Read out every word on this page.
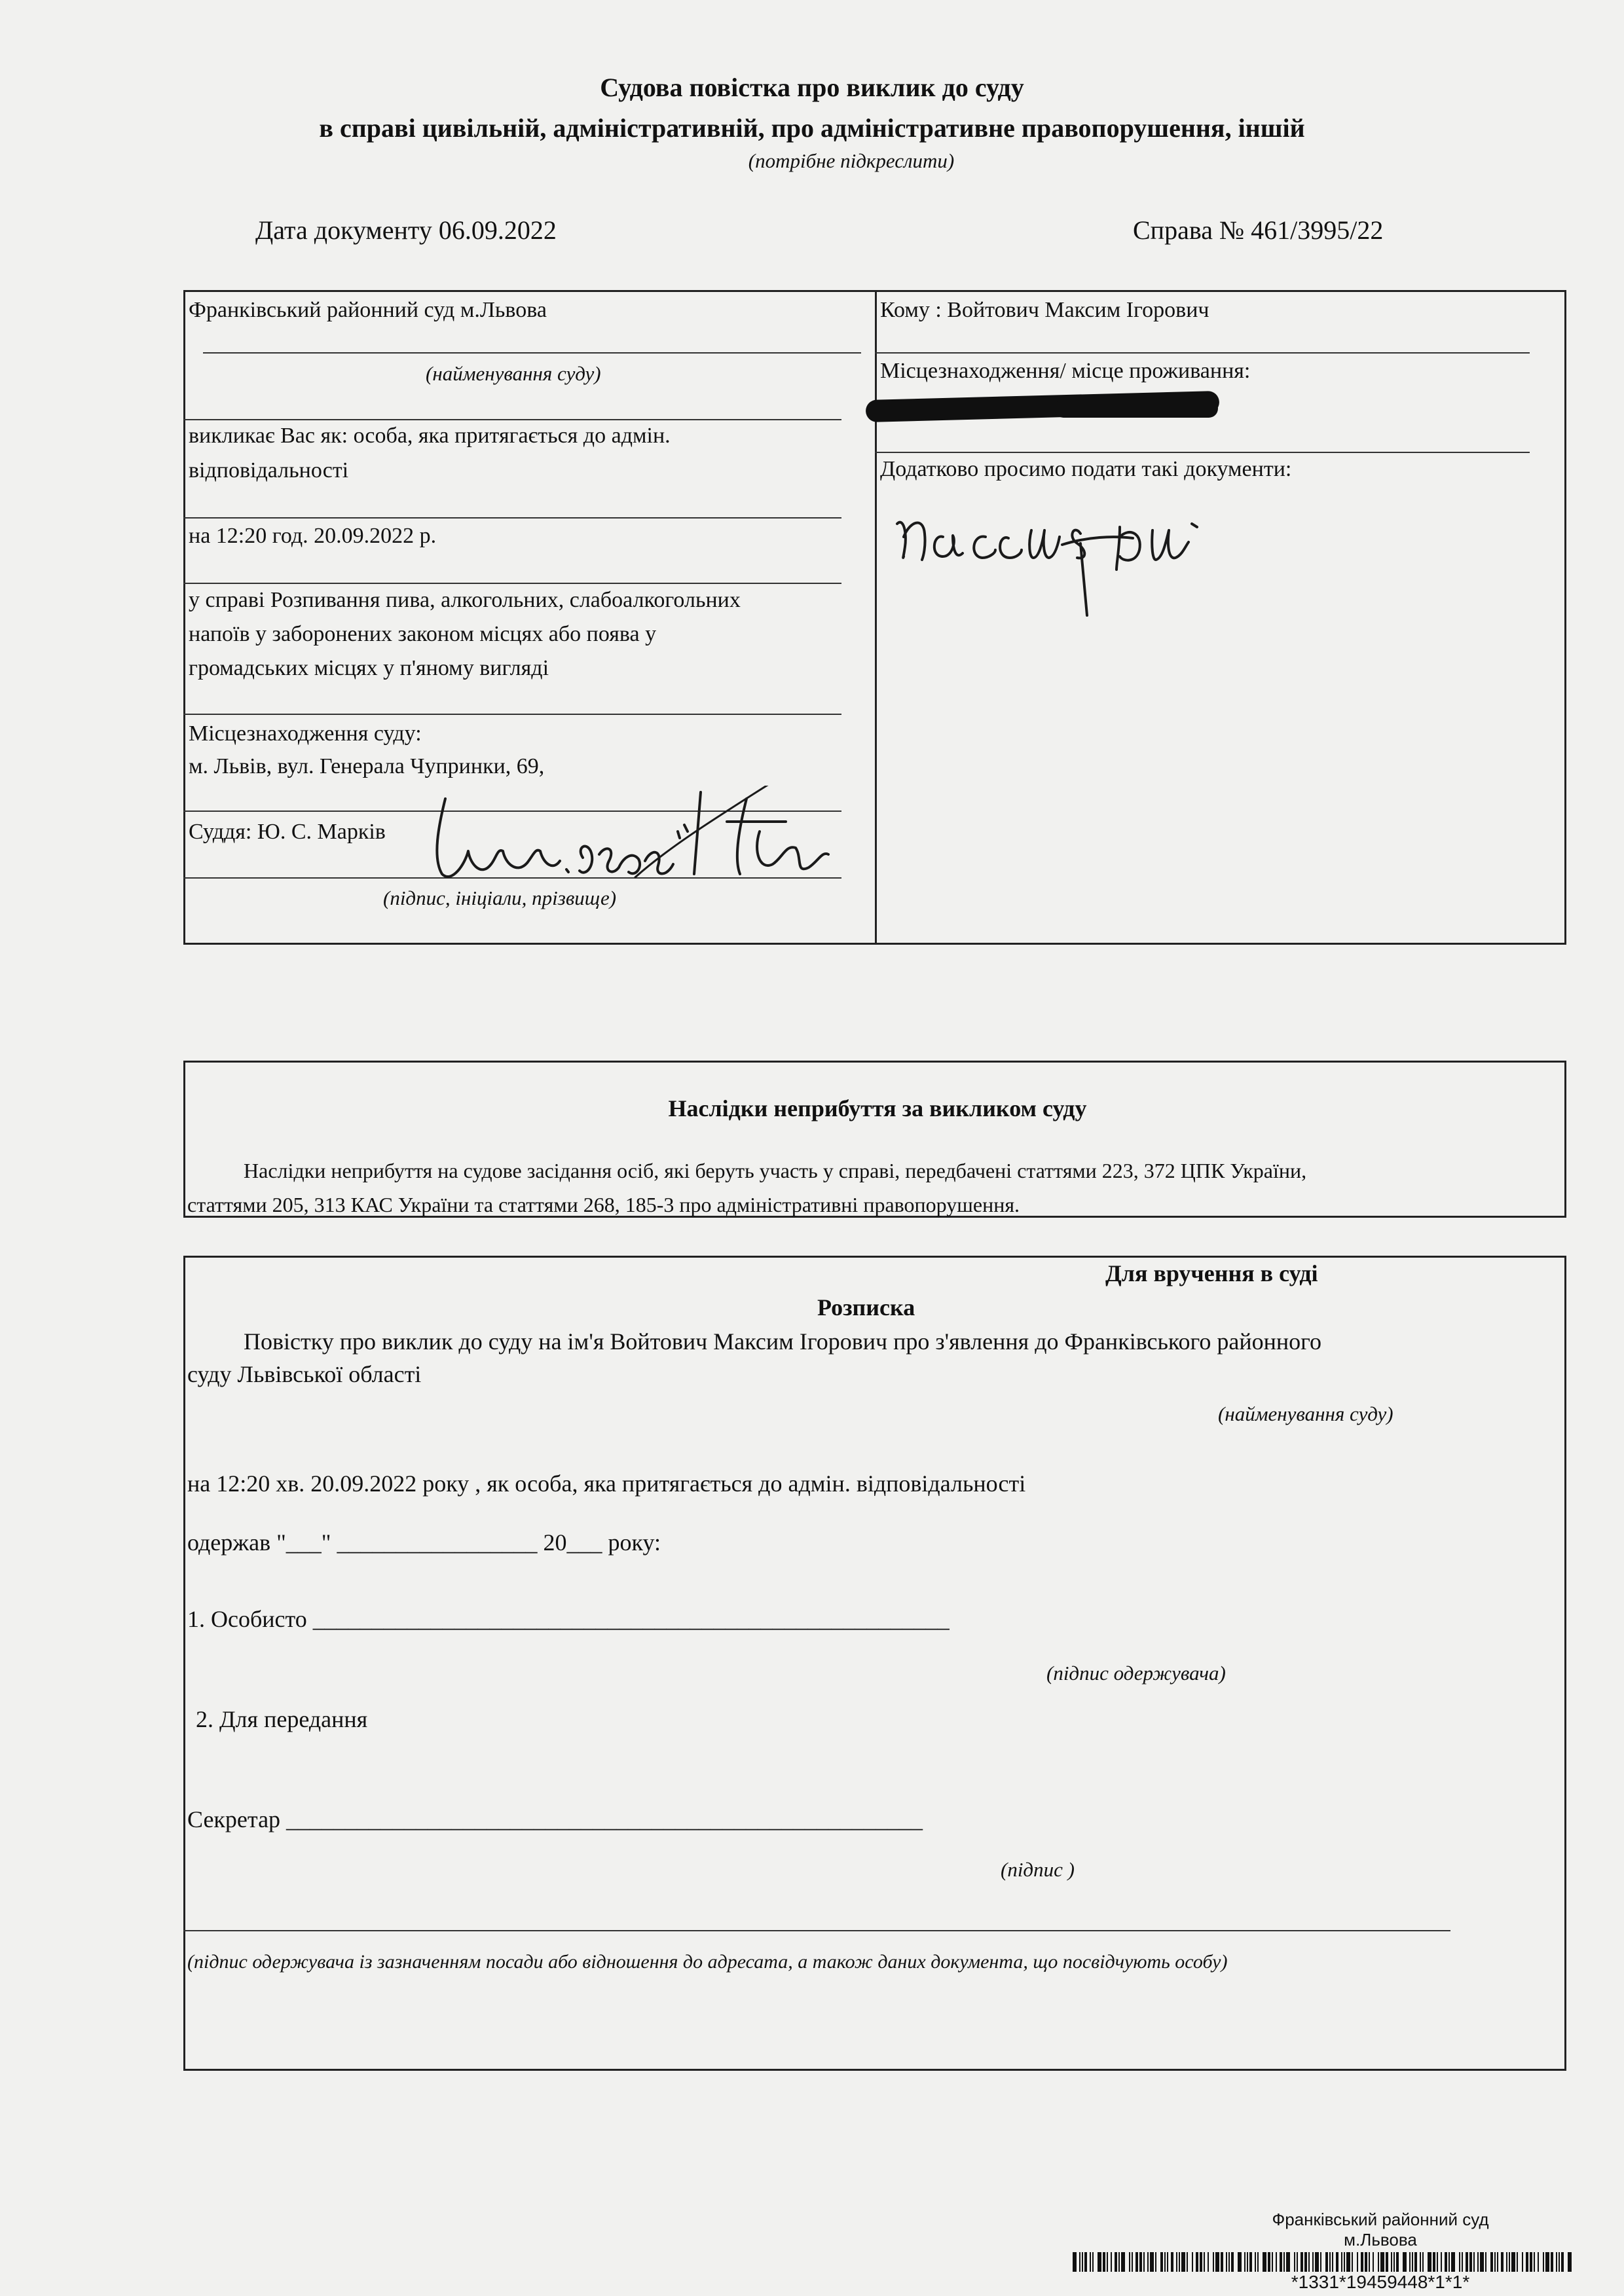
Судова повістка про виклик до суду
в справі цивільній, адміністративній, про адміністративне правопорушення, іншій
(потрібне підкреслити)
Дата документу 06.09.2022	Справа № 461/3995/22
Франківський районний суд м.Львова
(найменування суду)
викликає Вас як: особа, яка притягається до адмін.
відповідальності
на 12:20 год. 20.09.2022 р.
у справі Розпивання пива, алкогольних, слабоалкогольних
напоїв у заборонених законом місцях або поява у
громадських місцях у п'яному вигляді
Місцезнаходження суду:
м. Львів, вул. Генерала Чупринки, 69,
Суддя: Ю. С. Марків
(підпис, ініціали, прізвище)
Кому : Войтович Максим Ігорович
Місцезнаходження/ місце проживання:
Додатково просимо подати такі документи:
Наслідки неприбуття за викликом суду
Наслідки неприбуття на судове засідання осіб, які беруть участь у справі, передбачені статтями 223, 372 ЦПК України,
статтями 205, 313 КАС України та статтями 268, 185-3 про адміністративні правопорушення.
Для вручення в суді
Розписка
Повістку про виклик до суду на ім'я Войтович Максим Ігорович про з'явлення до Франківського районного
суду Львівської області
(найменування суду)
на 12:20 хв. 20.09.2022 року , як особа, яка притягається до адмін. відповідальності
одержав "___" _________________ 20___ року:
1. Особисто ______________________________________________________
(підпис одержувача)
2. Для передання
Секретар ______________________________________________________
(підпис )
(підпис одержувача із зазначенням посади або відношення до адресата, а також даних документа, що посвідчують особу)
Франківський районний суд
м.Львова
*1331*19459448*1*1*
